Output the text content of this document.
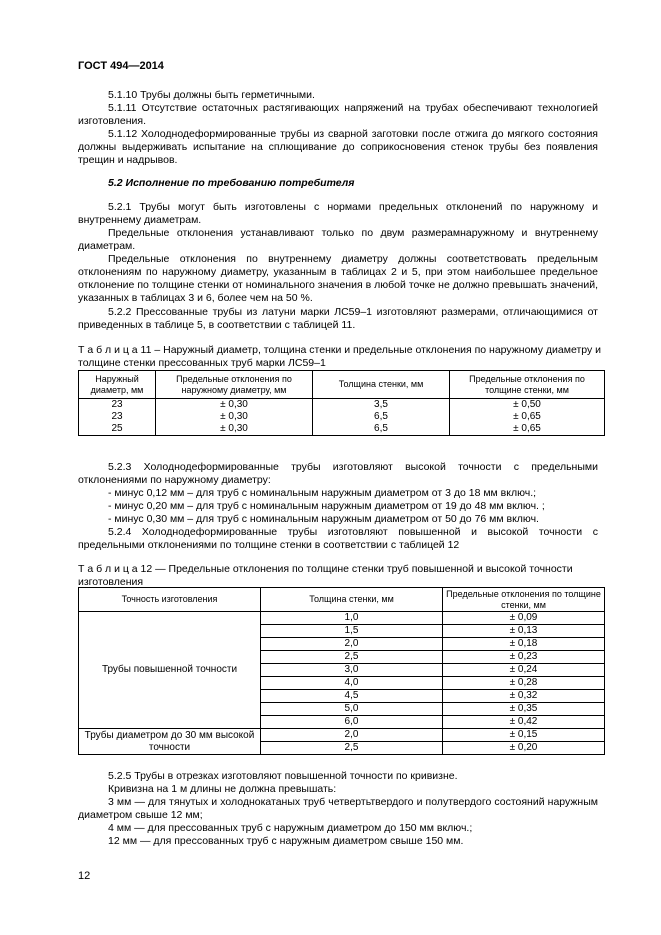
ГОСТ 494—2014
5.1.10 Трубы должны быть герметичными.
5.1.11 Отсутствие остаточных растягивающих напряжений на трубах обеспечивают технологией изготовления.
5.1.12 Холоднодеформированные трубы из сварной заготовки после отжига до мягкого состояния должны выдерживать испытание на сплющивание до соприкосновения стенок трубы без появления трещин и надрывов.
5.2 Исполнение по требованию потребителя
5.2.1 Трубы могут быть изготовлены с нормами предельных отклонений по наружному и внутреннему диаметрам.
Предельные отклонения устанавливают только по двум размерамнаружному и внутреннему диаметрам.
Предельные отклонения по внутреннему диаметру должны соответствовать предельным отклонениям по наружному диаметру, указанным в таблицах 2 и 5, при этом наибольшее предельное отклонение по толщине стенки от номинального значения в любой точке не должно превышать значений, указанных в таблицах 3 и 6, более чем на 50 %.
5.2.2 Прессованные трубы из латуни марки ЛС59–1 изготовляют размерами, отличающимися от приведенных в таблице 5, в соответствии с таблицей 11.
Т а б л и ц а 11 – Наружный диаметр, толщина стенки и предельные отклонения по наружному диаметру и толщине стенки прессованных труб марки ЛС59–1
Наружный диаметр, мм	Предельные отклонения по наружному диаметру, мм	Толщина стенки, мм	Предельные отклонения по толщине стенки, мм
23	± 0,30	3,5	± 0,50
23	± 0,30	6,5	± 0,65
25	± 0,30	6,5	± 0,65
5.2.3 Холоднодеформированные трубы изготовляют высокой точности с предельными отклонениями по наружному диаметру:
- минус 0,12 мм – для труб с номинальным наружным диаметром от 3 до 18 мм включ.;
- минус 0,20 мм – для труб с номинальным наружным диаметром от 19 до 48 мм включ. ;
- минус 0,30 мм – для труб с номинальным наружным диаметром от 50 до 76 мм включ.
5.2.4 Холоднодеформированные трубы изготовляют повышенной и высокой точности с предельными отклонениями по толщине стенки в соответствии с таблицей 12
Т а б л и ц а 12 — Предельные отклонения по толщине стенки труб повышенной и высокой точности изготовления
Точность изготовления	Толщина стенки, мм	Предельные отклонения по толщине стенки, мм
Трубы повышенной точности	1,0	± 0,09
	1,5	± 0,13
	2,0	± 0,18
	2,5	± 0,23
	3,0	± 0,24
	4,0	± 0,28
	4,5	± 0,32
	5,0	± 0,35
	6,0	± 0,42
Трубы диаметром до 30 мм высокой точности	2,0	± 0,15
	2,5	± 0,20
5.2.5 Трубы в отрезках изготовляют повышенной точности по кривизне.
Кривизна на 1 м длины не должна превышать:
3 мм — для тянутых и холоднокатаных труб четвертьтвердого и полутвердого состояний наружным диаметром свыше 12 мм;
4 мм — для прессованных труб с наружным диаметром до 150 мм включ.;
12 мм — для прессованных труб с наружным диаметром свыше 150 мм.
12
